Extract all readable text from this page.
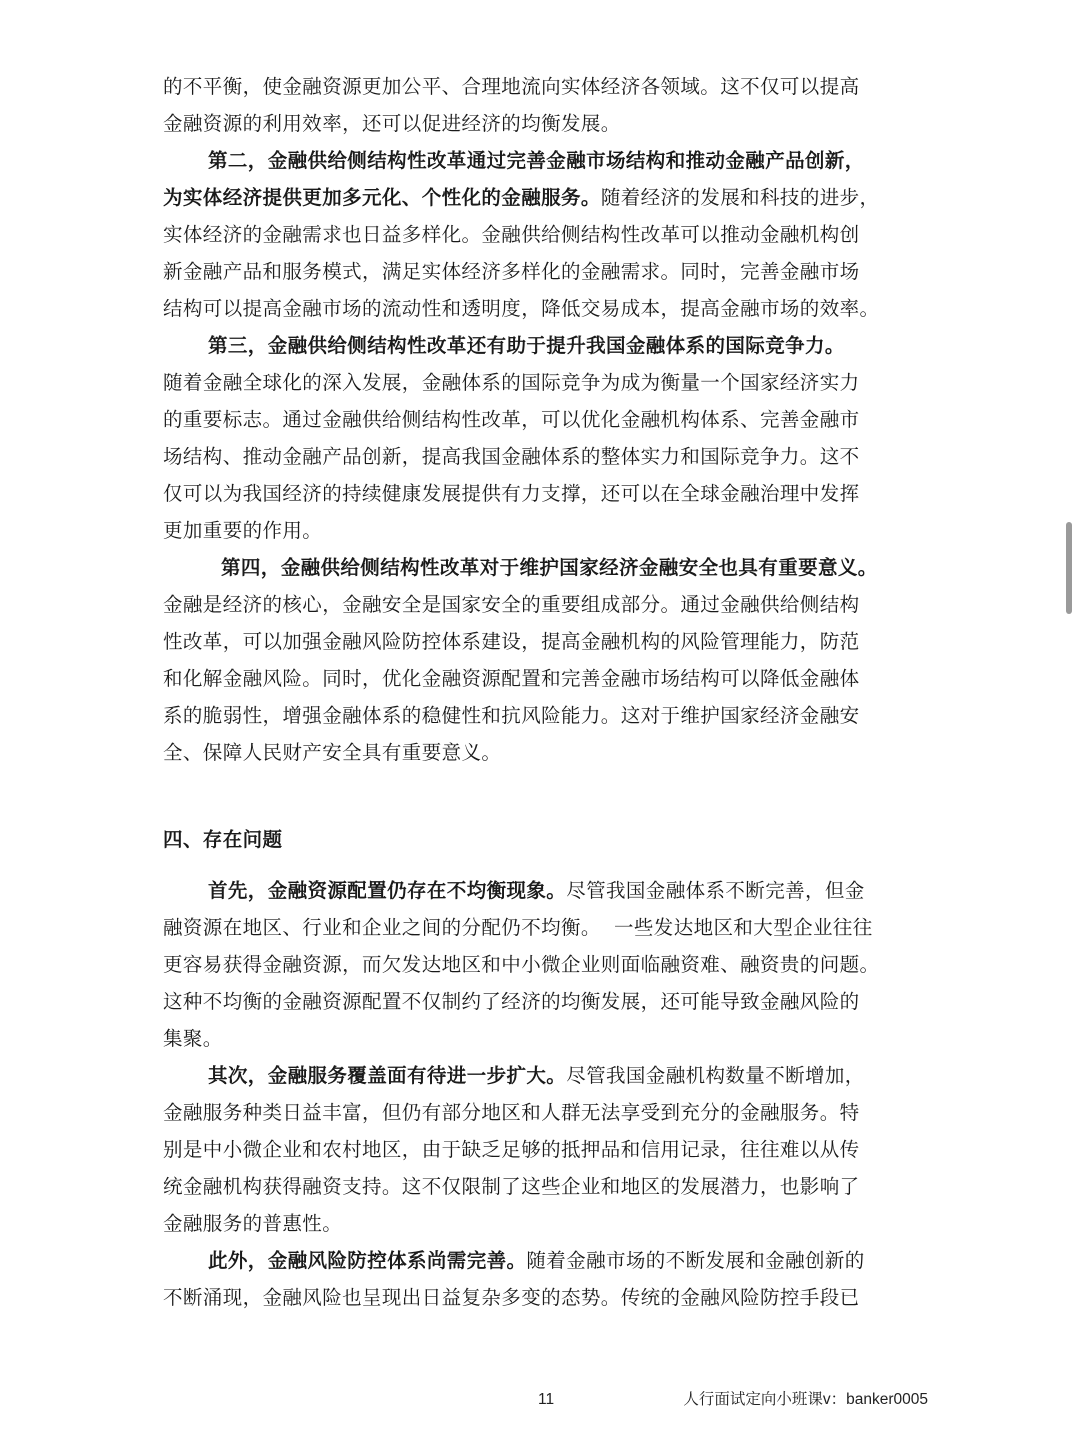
的不平衡，使金融资源更加公平、合理地流向实体经济各领域。这不仅可以提高
金融资源的利用效率，还可以促进经济的均衡发展。
第二，金融供给侧结构性改革通过完善金融市场结构和推动金融产品创新，
为实体经济提供更加多元化、个性化的金融服务。随着经济的发展和科技的进步，
实体经济的金融需求也日益多样化。金融供给侧结构性改革可以推动金融机构创
新金融产品和服务模式，满足实体经济多样化的金融需求。同时，完善金融市场
结构可以提高金融市场的流动性和透明度，降低交易成本，提高金融市场的效率。
第三，金融供给侧结构性改革还有助于提升我国金融体系的国际竞争力。
随着金融全球化的深入发展，金融体系的国际竞争为成为衡量一个国家经济实力
的重要标志。通过金融供给侧结构性改革，可以优化金融机构体系、完善金融市
场结构、推动金融产品创新，提高我国金融体系的整体实力和国际竞争力。这不
仅可以为我国经济的持续健康发展提供有力支撑，还可以在全球金融治理中发挥
更加重要的作用。
第四，金融供给侧结构性改革对于维护国家经济金融安全也具有重要意义。
金融是经济的核心，金融安全是国家安全的重要组成部分。通过金融供给侧结构
性改革，可以加强金融风险防控体系建设，提高金融机构的风险管理能力，防范
和化解金融风险。同时，优化金融资源配置和完善金融市场结构可以降低金融体
系的脆弱性，增强金融体系的稳健性和抗风险能力。这对于维护国家经济金融安
全、保障人民财产安全具有重要意义。
四、存在问题
首先，金融资源配置仍存在不均衡现象。尽管我国金融体系不断完善，但金
融资源在地区、行业和企业之间的分配仍不均衡。  一些发达地区和大型企业往往
更容易获得金融资源，而欠发达地区和中小微企业则面临融资难、融资贵的问题。
这种不均衡的金融资源配置不仅制约了经济的均衡发展，还可能导致金融风险的
集聚。
其次，金融服务覆盖面有待进一步扩大。尽管我国金融机构数量不断增加，
金融服务种类日益丰富，但仍有部分地区和人群无法享受到充分的金融服务。特
别是中小微企业和农村地区，由于缺乏足够的抵押品和信用记录，往往难以从传
统金融机构获得融资支持。这不仅限制了这些企业和地区的发展潜力，也影响了
金融服务的普惠性。
此外，金融风险防控体系尚需完善。随着金融市场的不断发展和金融创新的
不断涌现，金融风险也呈现出日益复杂多变的态势。传统的金融风险防控手段已
11	人行面试定向小班课v：banker0005
